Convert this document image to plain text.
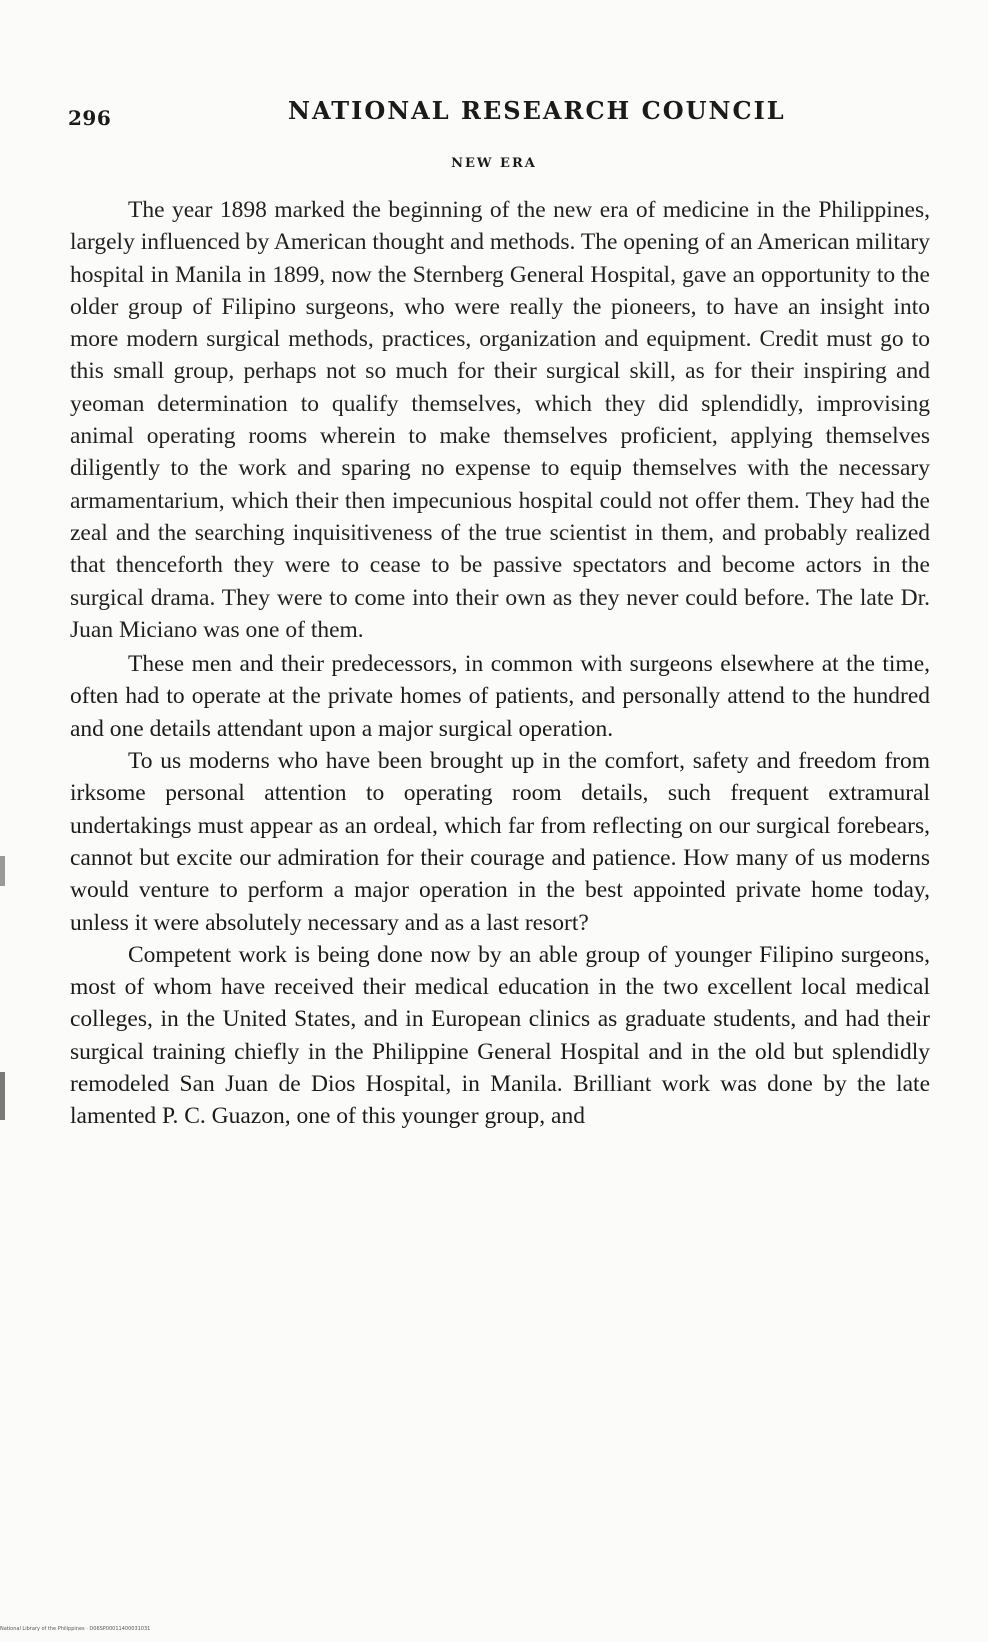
296	NATIONAL RESEARCH COUNCIL
NEW ERA

The year 1898 marked the beginning of the new era of medicine in the Philippines, largely influenced by American thought and methods. The opening of an American military hospital in Manila in 1899, now the Sternberg General Hospital, gave an opportunity to the older group of Filipino surgeons, who were really the pioneers, to have an insight into more modern surgical methods, practices, organization and equipment. Credit must go to this small group, perhaps not so much for their surgical skill, as for their inspiring and yeoman determination to qualify themselves, which they did splendidly, improvising animal operating rooms wherein to make themselves proficient, applying themselves diligently to the work and sparing no expense to equip themselves with the necessary armamentarium, which their then impecunious hospital could not offer them. They had the zeal and the searching inquisitiveness of the true scientist in them, and probably realized that thenceforth they were to cease to be passive spectators and become actors in the surgical drama. They were to come into their own as they never could before. The late Dr. Juan Miciano was one of them.

These men and their predecessors, in common with surgeons elsewhere at the time, often had to operate at the private homes of patients, and personally attend to the hundred and one details attendant upon a major surgical operation.

To us moderns who have been brought up in the comfort, safety and freedom from irksome personal attention to operating room details, such frequent extramural undertakings must appear as an ordeal, which far from reflecting on our surgical forebears, cannot but excite our admiration for their courage and patience. How many of us moderns would venture to perform a major operation in the best appointed private home today, unless it were absolutely necessary and as a last resort?

Competent work is being done now by an able group of younger Filipino surgeons, most of whom have received their medical education in the two excellent local medical colleges, in the United States, and in European clinics as graduate students, and had their surgical training chiefly in the Philippine General Hospital and in the old but splendidly remodeled San Juan de Dios Hospital, in Manila. Brilliant work was done by the late lamented P. C. Guazon, one of this younger group, and

National Library of the Philippines · D06SP00011400031031
